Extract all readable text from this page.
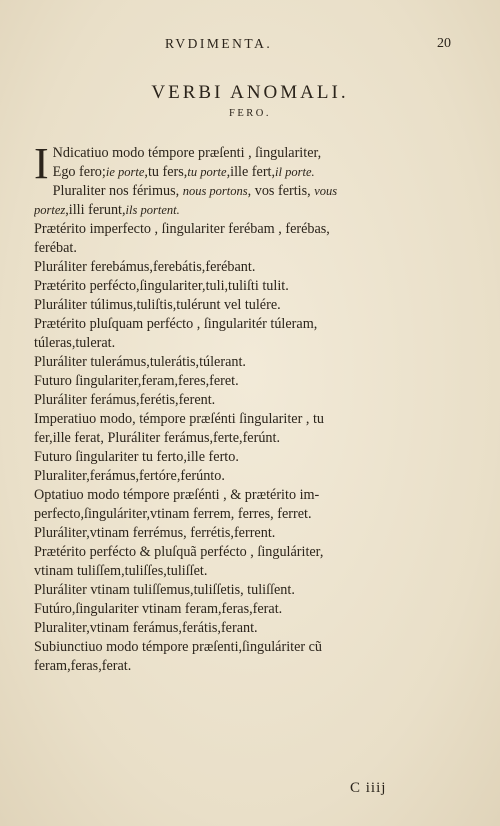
RVDIMENTA.	20
VERBI ANOMALI.
FERO.
I Ndicatiuo modo témpore præſenti , ſingulariter,
Ego fero;ie porte,tu fers,tu porte,ille fert,il porte.
Pluraliter nos férimus, nous portons, vos fertis, vous
portez,illi ferunt,ils portent.
Prætérito imperfecto , ſingulariter ferébam , ferébas,
ferébat.
Pluráliter ferebámus,ferebátis,ferébant.
Prætérito perfécto,ſingulariter,tuli,tuliſti tulit.
Pluráliter túlimus,tuliſtis,tulérunt vel tulére.
Prætérito pluſquam perfécto , ſingularitér túleram,
túleras,tulerat.
Pluráliter tulerámus,tulerátis,túlerant.
Futuro ſingulariter,feram,feres,feret.
Pluráliter ferámus,ferétis,ferent.
Imperatiuo modo, témpore præſénti ſingulariter , tu
fer,ille ferat, Pluráliter ferámus,ferte,ferúnt.
Futuro ſingulariter tu ferto,ille ferto.
Pluraliter,ferámus,fertóre,ferúnto.
Optatiuo modo témpore præſénti , & prætérito im-
perfecto,ſinguláriter,vtinam ferrem, ferres, ferret.
Pluráliter,vtinam ferrémus, ferrétis,ferrent.
Prætérito perfécto & pluſquã perfécto , ſinguláriter,
vtinam tuliſſem,tuliſſes,tuliſſet.
Pluráliter vtinam tuliſſemus,tuliſſetis, tuliſſent.
Futúro,ſingulariter vtinam feram,feras,ferat.
Pluraliter,vtinam ferámus,ferátis,ferant.
Subiunctiuo modo témpore præſenti,ſinguláriter cũ
feram,feras,ferat.
C iiij
